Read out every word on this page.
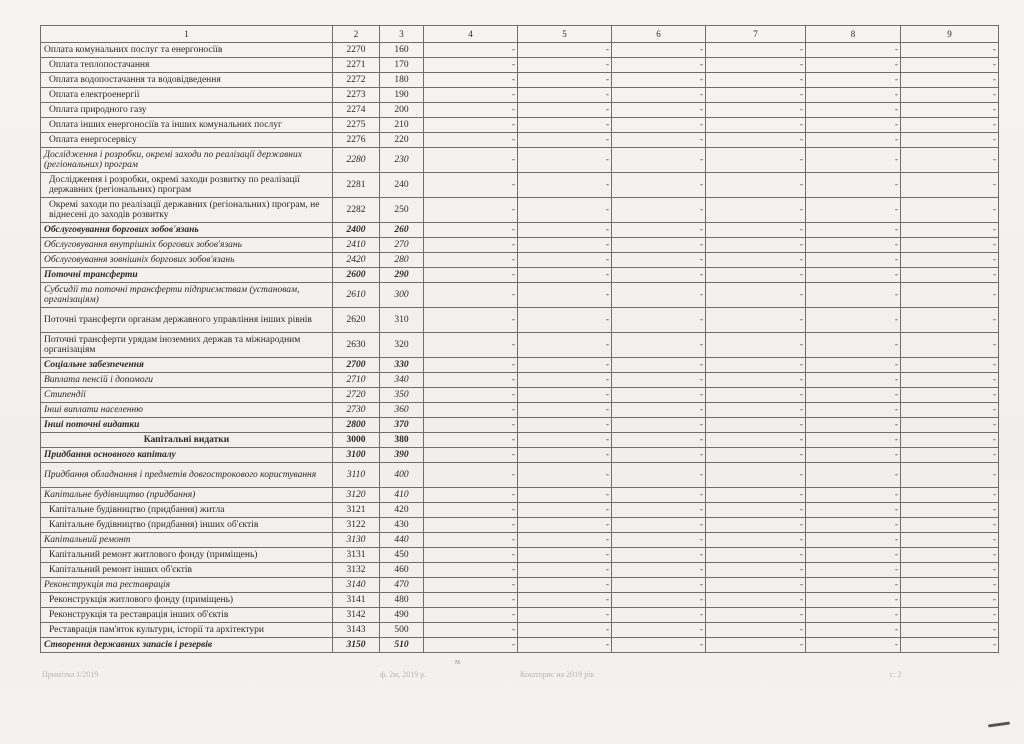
1	2	3	4	5	6	7	8	9
Оплата комунальних послуг та енергоносіїв	2270	160	-	-	-	-	-	-
Оплата теплопостачання	2271	170	-	-	-	-	-	-
Оплата водопостачання та водовідведення	2272	180	-	-	-	-	-	-
Оплата електроенергії	2273	190	-	-	-	-	-	-
Оплата природного газу	2274	200	-	-	-	-	-	-
Оплата інших енергоносіїв та інших комунальних послуг	2275	210	-	-	-	-	-	-
Оплата енергосервісу	2276	220	-	-	-	-	-	-
Дослідження і розробки, окремі заходи по реалізації державних (регіональних) програм	2280	230	-	-	-	-	-	-
Дослідження і розробки, окремі заходи розвитку по реалізації державних (регіональних) програм	2281	240	-	-	-	-	-	-
Окремі заходи по реалізації державних (регіональних) програм, не віднесені до заходів розвитку	2282	250	-	-	-	-	-	-
Обслуговування боргових зобов'язань	2400	260	-	-	-	-	-	-
Обслуговування внутрішніх боргових зобов'язань	2410	270	-	-	-	-	-	-
Обслуговування зовнішніх боргових зобов'язань	2420	280	-	-	-	-	-	-
Поточні трансферти	2600	290	-	-	-	-	-	-
Субсидії та поточні трансферти підприємствам (установам, організаціям)	2610	300	-	-	-	-	-	-
Поточні трансферти органам державного управління інших рівнів	2620	310	-	-	-	-	-	-
Поточні трансферти урядам іноземних держав та міжнародним організаціям	2630	320	-	-	-	-	-	-
Соціальне забезпечення	2700	330	-	-	-	-	-	-
Виплата пенсій і допомоги	2710	340	-	-	-	-	-	-
Стипендії	2720	350	-	-	-	-	-	-
Інші виплати населенню	2730	360	-	-	-	-	-	-
Інші поточні видатки	2800	370	-	-	-	-	-	-
Капітальні видатки	3000	380	-	-	-	-	-	-
Придбання основного капіталу	3100	390	-	-	-	-	-	-
Придбання обладнання і предметів довгострокового користування	3110	400	-	-	-	-	-	-
Капітальне будівництво (придбання)	3120	410	-	-	-	-	-	-
Капітальне будівництво (придбання) житла	3121	420	-	-	-	-	-	-
Капітальне будівництво (придбання) інших об'єктів	3122	430	-	-	-	-	-	-
Капітальний ремонт	3130	440	-	-	-	-	-	-
Капітальний ремонт житлового фонду (приміщень)	3131	450	-	-	-	-	-	-
Капітальний ремонт інших об'єктів	3132	460	-	-	-	-	-	-
Реконструкція та реставрація	3140	470	-	-	-	-	-	-
Реконструкція житлового фонду (приміщень)	3141	480	-	-	-	-	-	-
Реконструкція та реставрація інших об'єктів	3142	490	-	-	-	-	-	-
Реставрація пам'яток культури, історії та архітектури	3143	500	-	-	-	-	-	-
Створення державних запасів і резервів	3150	510	-	-	-	-	-	-
Примітка 1/2019	ф. 2м, 2019 р.	Кошторис на 2019 рік	с. 2
м
